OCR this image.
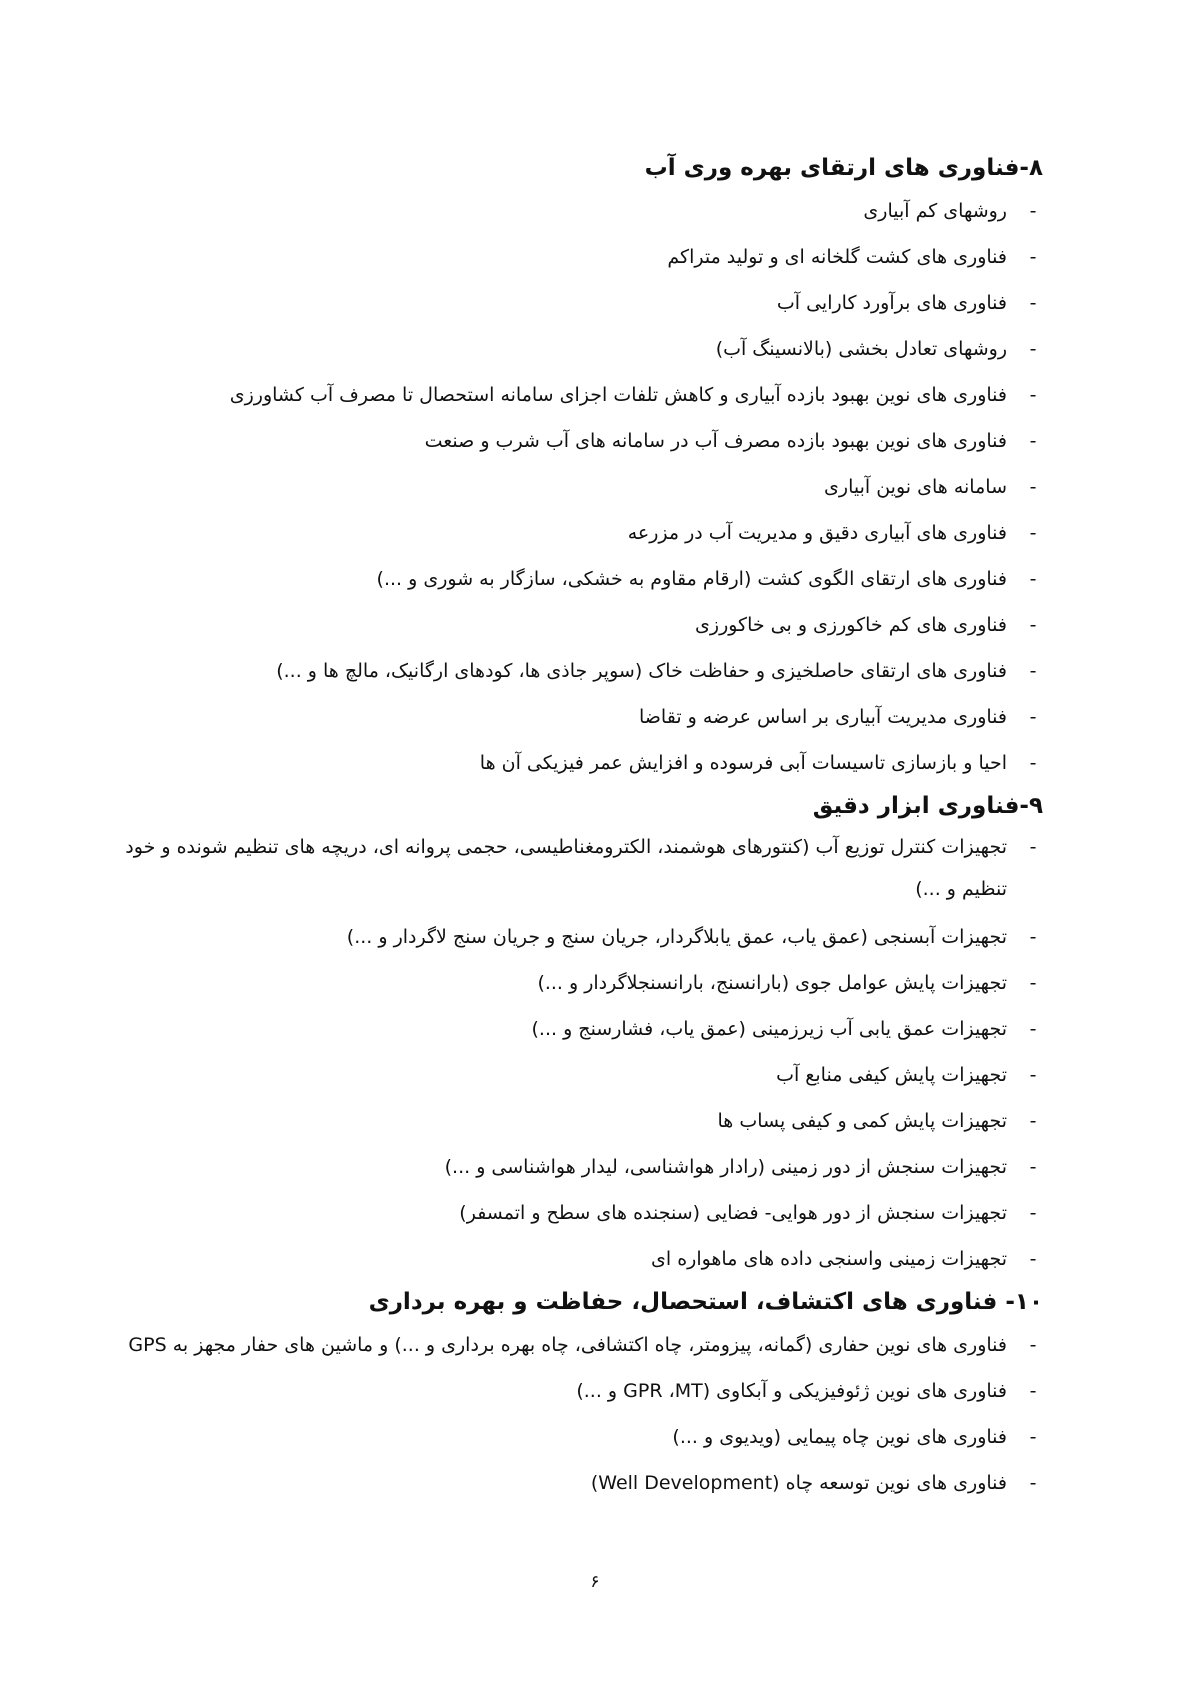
۸-فناوری های ارتقای بهره وری آب
-
روشهای کم آبیاری
-
فناوری های کشت گلخانه ای و تولید متراکم
-
فناوری های برآورد کارایی آب
-
روشهای تعادل بخشی (بالانسینگ آب)
-
فناوری های نوین بهبود بازده آبیاری و کاهش تلفات اجزای سامانه استحصال تا مصرف آب کشاورزی
-
فناوری های نوین بهبود بازده مصرف آب در سامانه های آب شرب و صنعت
-
سامانه های نوین آبیاری
-
فناوری های آبیاری دقیق و مدیریت آب در مزرعه
-
فناوری های ارتقای الگوی کشت (ارقام مقاوم به خشکی، سازگار به شوری و ...)
-
فناوری های کم خاکورزی و بی خاکورزی
-
فناوری های ارتقای حاصلخیزی و حفاظت خاک (سوپر جاذی ها، کودهای ارگانیک، مالچ ها و ...)
-
فناوری مدیریت آبیاری بر اساس عرضه و تقاضا
-
احیا و بازسازی تاسیسات آبی فرسوده و افزایش عمر فیزیکی آن ها
۹-فناوری ابزار دقیق
-
تجهیزات کنترل توزیع آب (کنتورهای هوشمند، الکترومغناطیسی، حجمی پروانه ای، دریچه های تنظیم شونده و خود تنظیم و ...)
-
تجهیزات آبسنجی (عمق یاب، عمق یابلاگردار، جریان سنج و جریان سنج لاگردار و ...)
-
تجهیزات پایش عوامل جوی (بارانسنج، بارانسنجلاگردار و ...)
-
تجهیزات عمق یابی آب زیرزمینی (عمق یاب، فشارسنج و ...)
-
تجهیزات پایش کیفی منابع آب
-
تجهیزات پایش کمی و کیفی پساب ها
-
تجهیزات سنجش از دور زمینی (رادار هواشناسی، لیدار هواشناسی و ...)
-
تجهیزات سنجش از دور هوایی- فضایی (سنجنده های سطح و اتمسفر)
-
تجهیزات زمینی واسنجی داده های ماهواره ای
۱۰- فناوری های اکتشاف، استحصال، حفاظت و بهره برداری
-
فناوری های نوین حفاری (گمانه، پیزومتر، چاه اکتشافی، چاه بهره برداری و ...) و ماشین های حفار مجهز به GPS
-
فناوری های نوین ژئوفیزیکی و آبکاوی (GPR ،MT و ...)
-
فناوری های نوین چاه پیمایی (ویدیوی و ...)
-
فناوری های نوین توسعه چاه (Well Development)
۶
